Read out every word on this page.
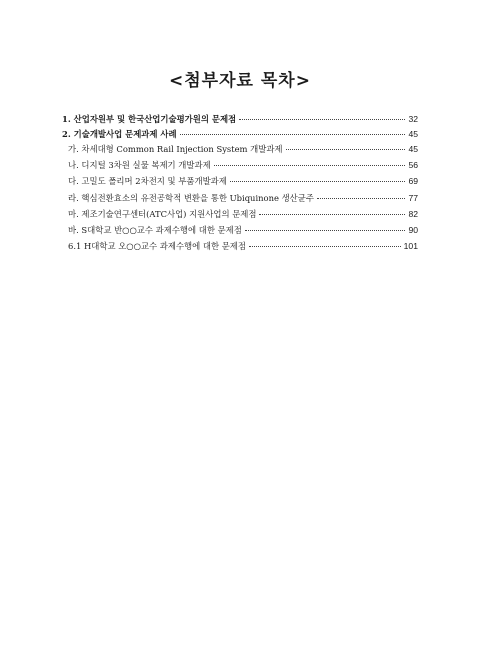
<첨부자료 목차>
1. 산업자원부 및 한국산업기술평가원의 문제점	32
2. 기술개발사업 문제과제 사례	45
가. 차세대형 Common Rail Injection System 개발과제	45
나. 디지털 3차원 실물 복제기 개발과제	56
다. 고밀도 폴리머 2차전지 및 부품개발과제	69
라. 핵심전환효소의 유전공학적 변환을 통한 Ubiquinone 생산균주	77
마. 제조기술연구센터(ATC사업) 지원사업의 문제점	82
바. S대학교 반○○교수 과제수행에 대한 문제점	90
6.1 H대학교 오○○교수 과제수행에 대한 문제점	101
